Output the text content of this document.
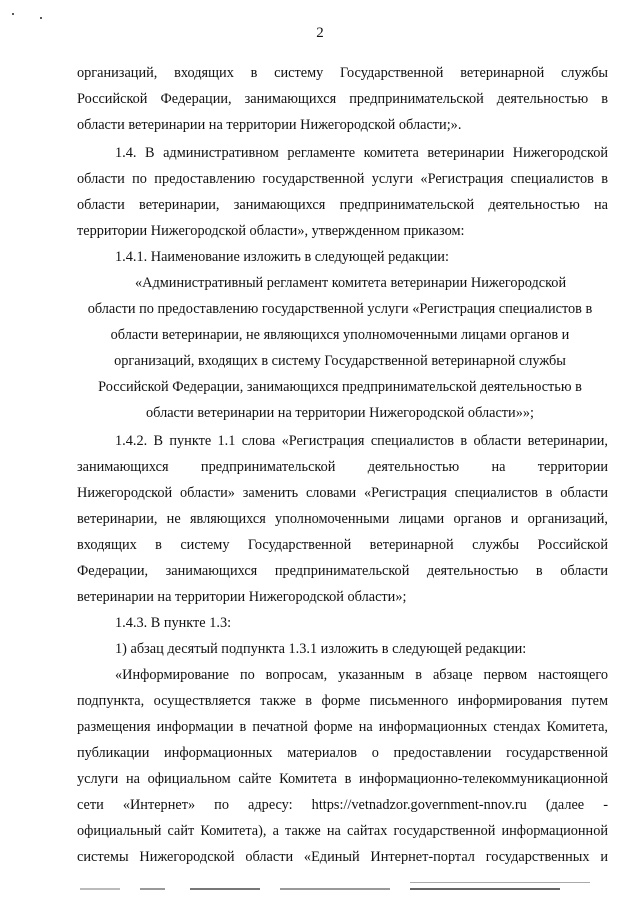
2
организаций, входящих в систему Государственной ветеринарной службы
Российской Федерации, занимающихся предпринимательской деятельностью в
области ветеринарии на территории Нижегородской области;».
1.4. В административном регламенте комитета ветеринарии Нижегородской
области по предоставлению государственной услуги «Регистрация специалистов в
области ветеринарии, занимающихся предпринимательской деятельностью на
территории Нижегородской области», утвержденном приказом:
1.4.1. Наименование изложить в следующей редакции:
«Административный регламент комитета ветеринарии Нижегородской
области по предоставлению государственной услуги «Регистрация специалистов в
области ветеринарии, не являющихся уполномоченными лицами органов и
организаций, входящих в систему Государственной ветеринарной службы
Российской Федерации, занимающихся предпринимательской деятельностью в
области ветеринарии на территории Нижегородской области»»;
1.4.2. В пункте 1.1 слова «Регистрация специалистов в области ветеринарии,
занимающихся предпринимательской деятельностью на территории
Нижегородской области» заменить словами «Регистрация специалистов в области
ветеринарии, не являющихся уполномоченными лицами органов и организаций,
входящих в систему Государственной ветеринарной службы Российской
Федерации, занимающихся предпринимательской деятельностью в области
ветеринарии на территории Нижегородской области»;
1.4.3. В пункте 1.3:
1) абзац десятый подпункта 1.3.1 изложить в следующей редакции:
«Информирование по вопросам, указанным в абзаце первом настоящего
подпункта, осуществляется также в форме письменного информирования путем
размещения информации в печатной форме на информационных стендах Комитета,
публикации информационных материалов о предоставлении государственной
услуги на официальном сайте Комитета в информационно-телекоммуникационной
сети «Интернет» по адресу: https://vetnadzor.government-nnov.ru (далее -
официальный сайт Комитета), а также на сайтах государственной информационной
системы Нижегородской области «Единый Интернет-портал государственных и
